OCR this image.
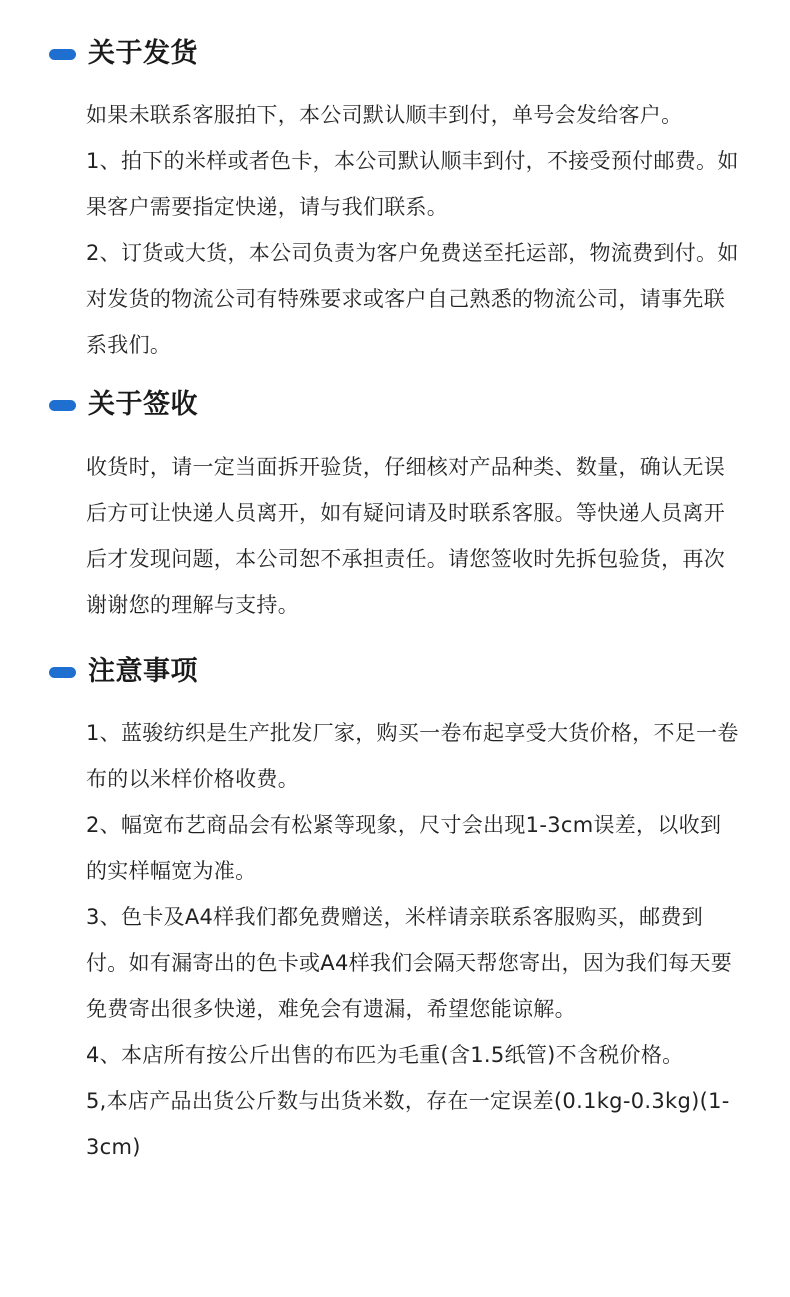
关于发货

如果未联系客服拍下，本公司默认顺丰到付，单号会发给客户。

1、拍下的米样或者色卡，本公司默认顺丰到付，不接受预付邮费。如果客户需要指定快递，请与我们联系。

2、订货或大货，本公司负责为客户免费送至托运部，物流费到付。如对发货的物流公司有特殊要求或客户自己熟悉的物流公司，请事先联系我们。

关于签收

收货时，请一定当面拆开验货，仔细核对产品种类、数量，确认无误后方可让快递人员离开，如有疑问请及时联系客服。等快递人员离开后才发现问题，本公司恕不承担责任。请您签收时先拆包验货，再次谢谢您的理解与支持。

注意事项

1、蓝骏纺织是生产批发厂家，购买一卷布起享受大货价格，不足一卷布的以米样价格收费。

2、幅宽布艺商品会有松紧等现象，尺寸会出现1-3cm误差，以收到的实样幅宽为准。

3、色卡及A4样我们都免费赠送，米样请亲联系客服购买，邮费到付。如有漏寄出的色卡或A4样我们会隔天帮您寄出，因为我们每天要免费寄出很多快递，难免会有遗漏，希望您能谅解。

4、本店所有按公斤出售的布匹为毛重(含1.5纸管)不含税价格。

5,本店产品出货公斤数与出货米数，存在一定误差(0.1kg-0.3kg)(1-3cm)
